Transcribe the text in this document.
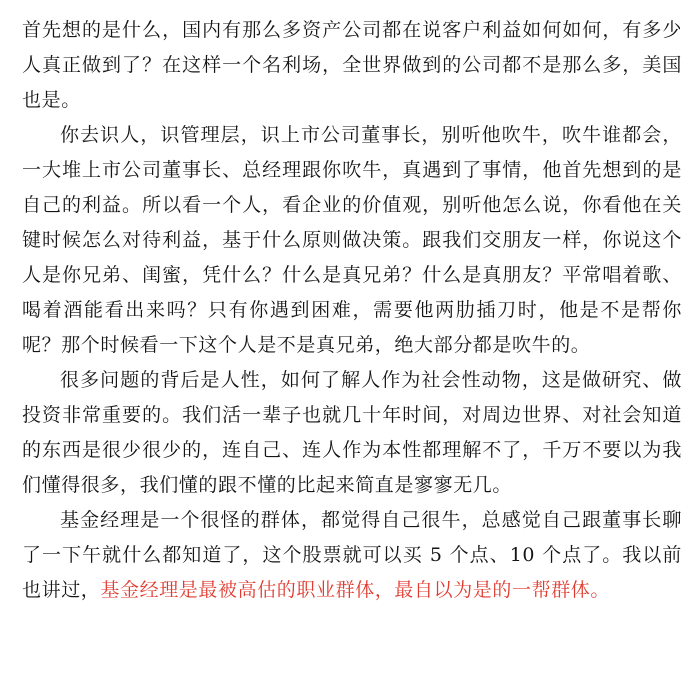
首先想的是什么，国内有那么多资产公司都在说客户利益如何如何，有多少人真正做到了？在这样一个名利场，全世界做到的公司都不是那么多，美国也是。

你去识人，识管理层，识上市公司董事长，别听他吹牛，吹牛谁都会，一大堆上市公司董事长、总经理跟你吹牛，真遇到了事情，他首先想到的是自己的利益。所以看一个人，看企业的价值观，别听他怎么说，你看他在关键时候怎么对待利益，基于什么原则做决策。跟我们交朋友一样，你说这个人是你兄弟、闺蜜，凭什么？什么是真兄弟？什么是真朋友？平常唱着歌、喝着酒能看出来吗？只有你遇到困难，需要他两肋插刀时，他是不是帮你呢？那个时候看一下这个人是不是真兄弟，绝大部分都是吹牛的。

很多问题的背后是人性，如何了解人作为社会性动物，这是做研究、做投资非常重要的。我们活一辈子也就几十年时间，对周边世界、对社会知道的东西是很少很少的，连自己、连人作为本性都理解不了，千万不要以为我们懂得很多，我们懂的跟不懂的比起来简直是寥寥无几。

基金经理是一个很怪的群体，都觉得自己很牛，总感觉自己跟董事长聊了一下午就什么都知道了，这个股票就可以买 5 个点、10 个点了。我以前也讲过，基金经理是最被高估的职业群体，最自以为是的一帮群体。
